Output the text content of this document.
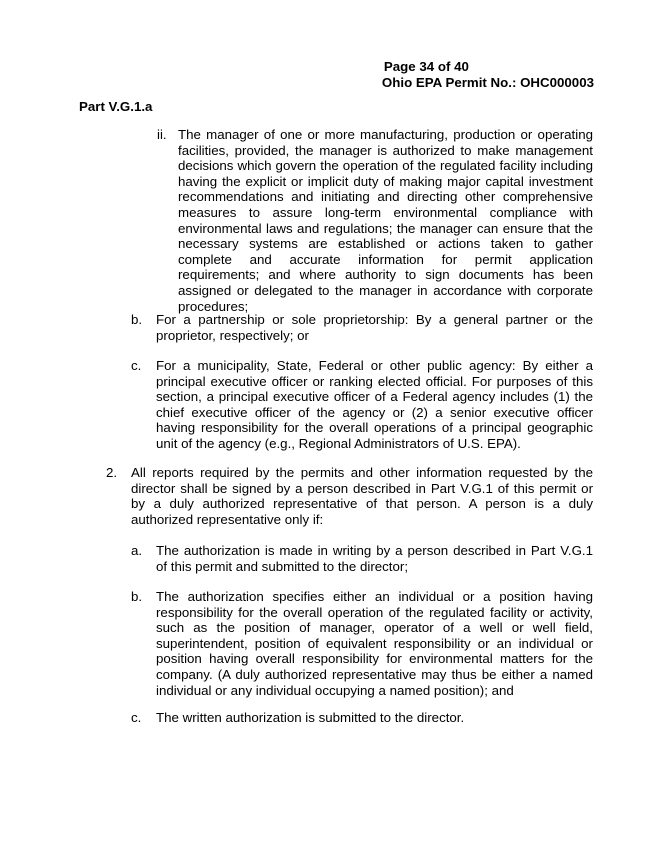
Page 34 of 40
Ohio EPA Permit No.: OHC000003
Part V.G.1.a
ii. The manager of one or more manufacturing, production or operating facilities, provided, the manager is authorized to make management decisions which govern the operation of the regulated facility including having the explicit or implicit duty of making major capital investment recommendations and initiating and directing other comprehensive measures to assure long-term environmental compliance with environmental laws and regulations; the manager can ensure that the necessary systems are established or actions taken to gather complete and accurate information for permit application requirements; and where authority to sign documents has been assigned or delegated to the manager in accordance with corporate procedures;
b. For a partnership or sole proprietorship: By a general partner or the proprietor, respectively; or
c. For a municipality, State, Federal or other public agency: By either a principal executive officer or ranking elected official. For purposes of this section, a principal executive officer of a Federal agency includes (1) the chief executive officer of the agency or (2) a senior executive officer having responsibility for the overall operations of a principal geographic unit of the agency (e.g., Regional Administrators of U.S. EPA).
2. All reports required by the permits and other information requested by the director shall be signed by a person described in Part V.G.1 of this permit or by a duly authorized representative of that person. A person is a duly authorized representative only if:
a. The authorization is made in writing by a person described in Part V.G.1 of this permit and submitted to the director;
b. The authorization specifies either an individual or a position having responsibility for the overall operation of the regulated facility or activity, such as the position of manager, operator of a well or well field, superintendent, position of equivalent responsibility or an individual or position having overall responsibility for environmental matters for the company. (A duly authorized representative may thus be either a named individual or any individual occupying a named position); and
c. The written authorization is submitted to the director.
